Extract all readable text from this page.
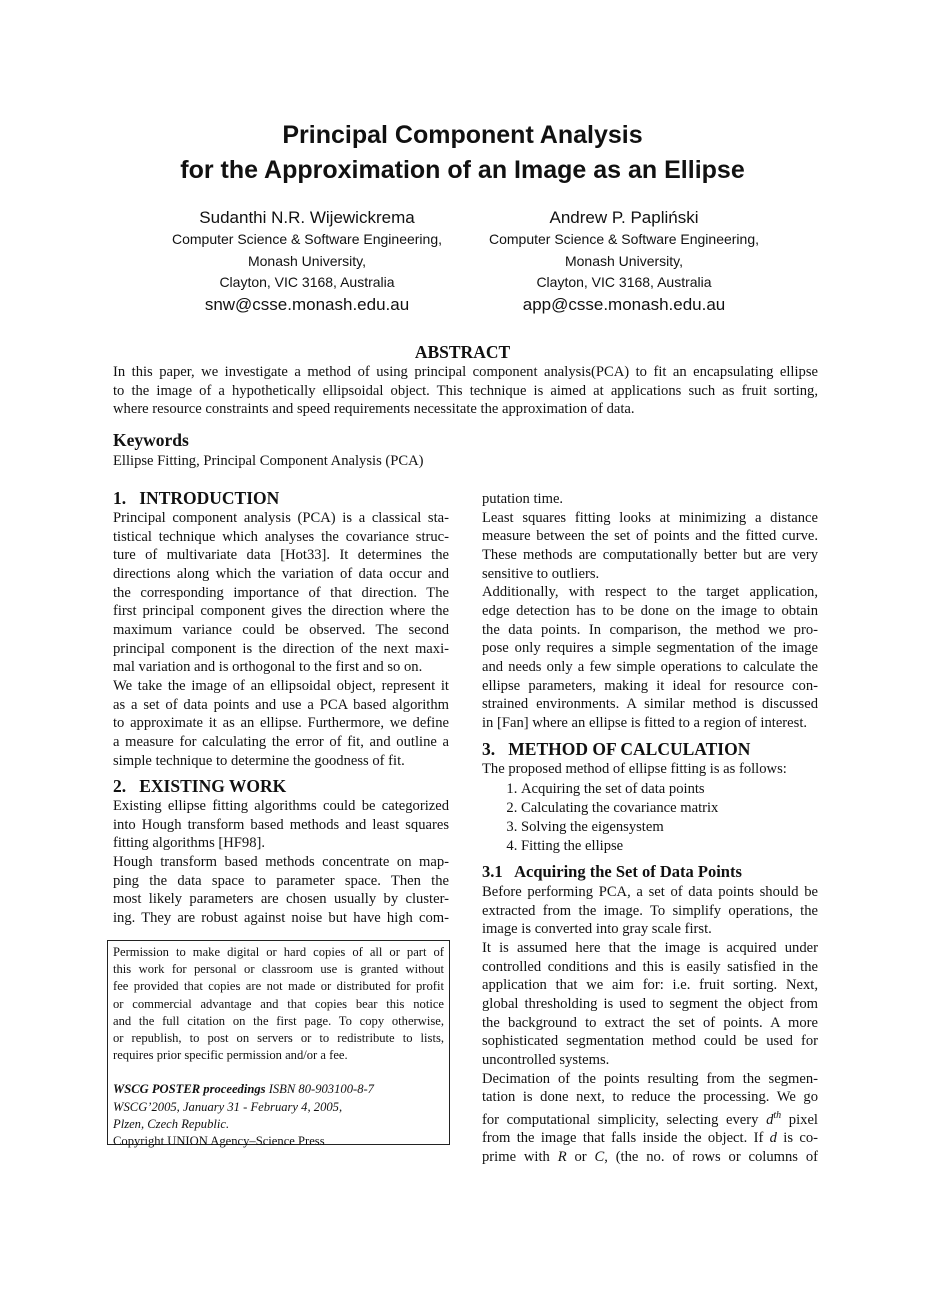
Principal Component Analysis
for the Approximation of an Image as an Ellipse
Sudanthi N.R. Wijewickrema
Computer Science & Software Engineering,
Monash University,
Clayton, VIC 3168, Australia
snw@csse.monash.edu.au
Andrew P. Papliński
Computer Science & Software Engineering,
Monash University,
Clayton, VIC 3168, Australia
app@csse.monash.edu.au
ABSTRACT
In this paper, we investigate a method of using principal component analysis(PCA) to fit an encapsulating ellipse
to the image of a hypothetically ellipsoidal object. This technique is aimed at applications such as fruit sorting,
where resource constraints and speed requirements necessitate the approximation of data.
Keywords
Ellipse Fitting, Principal Component Analysis (PCA)
1.   INTRODUCTION
Principal component analysis (PCA) is a classical sta-
tistical technique which analyses the covariance struc-
ture of multivariate data [Hot33]. It determines the
directions along which the variation of data occur and
the corresponding importance of that direction. The
first principal component gives the direction where the
maximum variance could be observed. The second
principal component is the direction of the next maxi-
mal variation and is orthogonal to the first and so on.
We take the image of an ellipsoidal object, represent it
as a set of data points and use a PCA based algorithm
to approximate it as an ellipse. Furthermore, we define
a measure for calculating the error of fit, and outline a
simple technique to determine the goodness of fit.
2.   EXISTING WORK
Existing ellipse fitting algorithms could be categorized
into Hough transform based methods and least squares
fitting algorithms [HF98].
Hough transform based methods concentrate on map-
ping the data space to parameter space. Then the
most likely parameters are chosen usually by cluster-
ing. They are robust against noise but have high com-
Permission to make digital or hard copies of all or part of
this work for personal or classroom use is granted without
fee provided that copies are not made or distributed for profit
or commercial advantage and that copies bear this notice
and the full citation on the first page. To copy otherwise,
or republish, to post on servers or to redistribute to lists,
requires prior specific permission and/or a fee.
WSCG POSTER proceedings ISBN 80-903100-8-7
WSCG’2005, January 31 - February 4, 2005,
Plzen, Czech Republic.
Copyright UNION Agency–Science Press
putation time.
Least squares fitting looks at minimizing a distance
measure between the set of points and the fitted curve.
These methods are computationally better but are very
sensitive to outliers.
Additionally, with respect to the target application,
edge detection has to be done on the image to obtain
the data points. In comparison, the method we pro-
pose only requires a simple segmentation of the image
and needs only a few simple operations to calculate the
ellipse parameters, making it ideal for resource con-
strained environments. A similar method is discussed
in [Fan] where an ellipse is fitted to a region of interest.
3.   METHOD OF CALCULATION
The proposed method of ellipse fitting is as follows:
1. Acquiring the set of data points
2. Calculating the covariance matrix
3. Solving the eigensystem
4. Fitting the ellipse
3.1   Acquiring the Set of Data Points
Before performing PCA, a set of data points should be
extracted from the image. To simplify operations, the
image is converted into gray scale first.
It is assumed here that the image is acquired under
controlled conditions and this is easily satisfied in the
application that we aim for: i.e. fruit sorting. Next,
global thresholding is used to segment the object from
the background to extract the set of points. A more
sophisticated segmentation method could be used for
uncontrolled systems.
Decimation of the points resulting from the segmen-
tation is done next, to reduce the processing. We go
for computational simplicity, selecting every $d^{th}$ pixel
from the image that falls inside the object. If d is co-
prime with R or C, (the no. of rows or columns of
